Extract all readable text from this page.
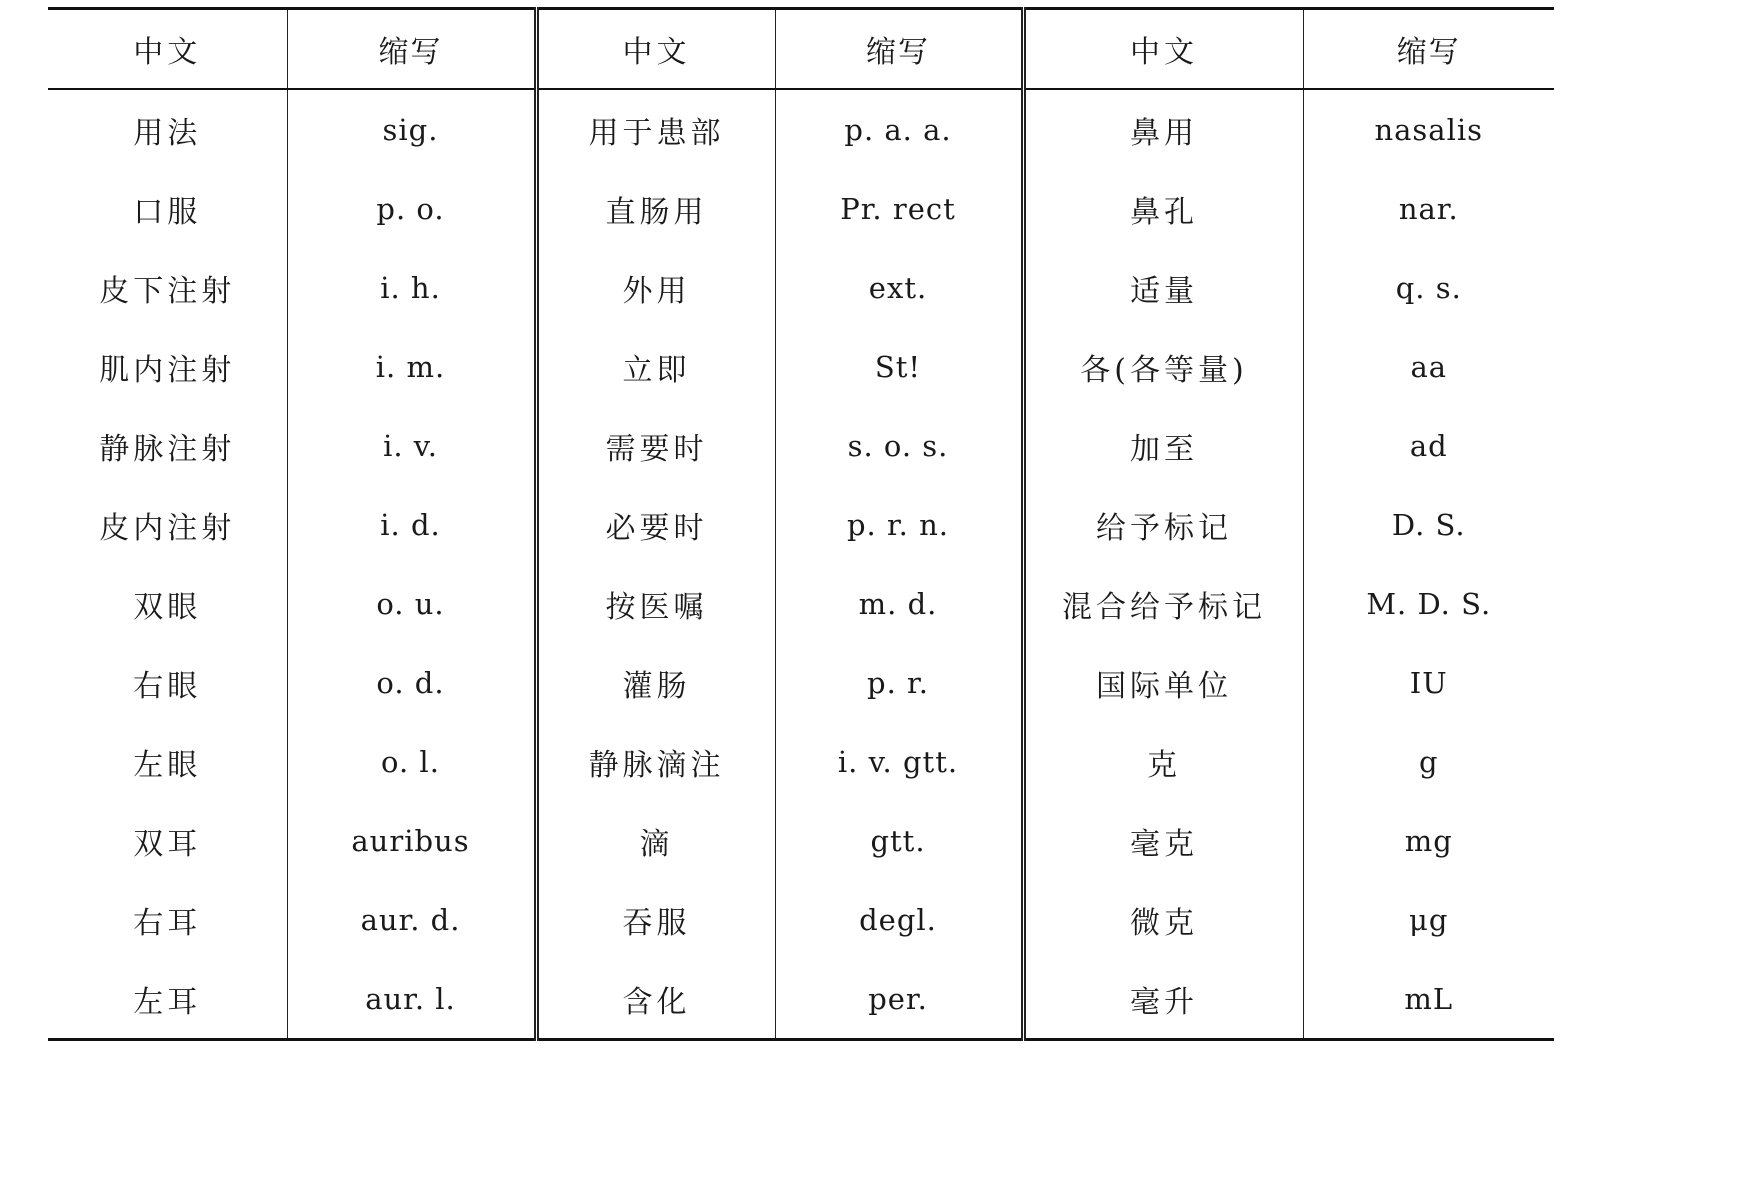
中文	缩写	中文	缩写	中文	缩写
用法	sig.	用于患部	p. a. a.	鼻用	nasalis
口服	p. o.	直肠用	Pr. rect	鼻孔	nar.
皮下注射	i. h.	外用	ext.	适量	q. s.
肌内注射	i. m.	立即	St!	各(各等量)	aa
静脉注射	i. v.	需要时	s. o. s.	加至	ad
皮内注射	i. d.	必要时	p. r. n.	给予标记	D. S.
双眼	o. u.	按医嘱	m. d.	混合给予标记	M. D. S.
右眼	o. d.	灌肠	p. r.	国际单位	IU
左眼	o. l.	静脉滴注	i. v. gtt.	克	g
双耳	auribus	滴	gtt.	毫克	mg
右耳	aur. d.	吞服	degl.	微克	μg
左耳	aur. l.	含化	per.	毫升	mL
